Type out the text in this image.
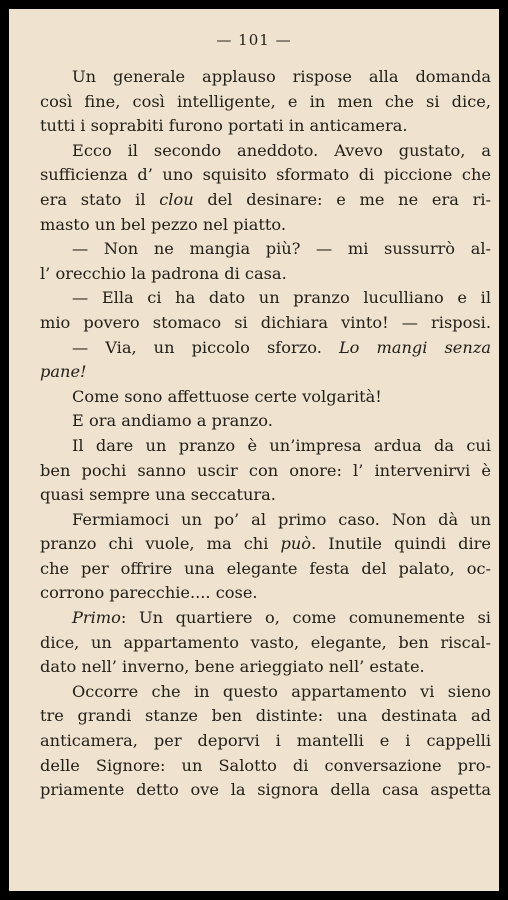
— 101 —
Un generale applauso rispose alla domanda
così fine, così intelligente, e in men che si dice,
tutti i soprabiti furono portati in anticamera.
Ecco il secondo aneddoto. Avevo gustato, a
sufficienza d’ uno squisito sformato di piccione che
era stato il clou del desinare: e me ne era ri-
masto un bel pezzo nel piatto.
— Non ne mangia più? — mi sussurrò al-
l’ orecchio la padrona di casa.
— Ella ci ha dato un pranzo luculliano e il
mio povero stomaco si dichiara vinto! — risposi.
— Via, un piccolo sforzo. Lo mangi senza
pane!
Come sono affettuose certe volgarità!
E ora andiamo a pranzo.
Il dare un pranzo è un’impresa ardua da cui
ben pochi sanno uscir con onore: l’ intervenirvi è
quasi sempre una seccatura.
Fermiamoci un po’ al primo caso. Non dà un
pranzo chi vuole, ma chi può. Inutile quindi dire
che per offrire una elegante festa del palato, oc-
corrono parecchie.... cose.
Primo: Un quartiere o, come comunemente si
dice, un appartamento vasto, elegante, ben riscal-
dato nell’ inverno, bene arieggiato nell’ estate.
Occorre che in questo appartamento vi sieno
tre grandi stanze ben distinte: una destinata ad
anticamera, per deporvi i mantelli e i cappelli
delle Signore: un Salotto di conversazione pro-
priamente detto ove la signora della casa aspetta
